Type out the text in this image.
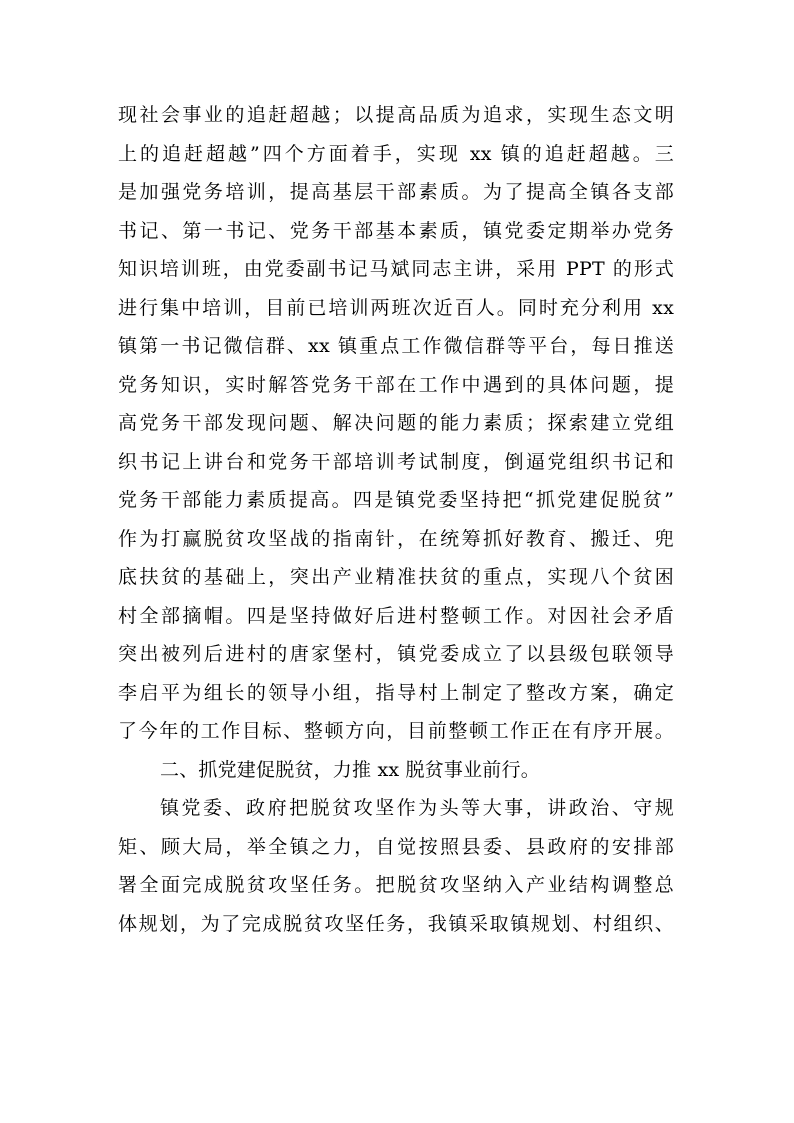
现社会事业的追赶超越；以提高品质为追求，实现生态文明
上的追赶超越”四个方面着手，实现 xx 镇的追赶超越。三
是加强党务培训，提高基层干部素质。为了提高全镇各支部
书记、第一书记、党务干部基本素质，镇党委定期举办党务
知识培训班，由党委副书记马斌同志主讲，采用 PPT 的形式
进行集中培训，目前已培训两班次近百人。同时充分利用 xx
镇第一书记微信群、xx 镇重点工作微信群等平台，每日推送
党务知识，实时解答党务干部在工作中遇到的具体问题，提
高党务干部发现问题、解决问题的能力素质；探索建立党组
织书记上讲台和党务干部培训考试制度，倒逼党组织书记和
党务干部能力素质提高。四是镇党委坚持把“抓党建促脱贫”
作为打赢脱贫攻坚战的指南针，在统筹抓好教育、搬迁、兜
底扶贫的基础上，突出产业精准扶贫的重点，实现八个贫困
村全部摘帽。四是坚持做好后进村整顿工作。对因社会矛盾
突出被列后进村的唐家堡村，镇党委成立了以县级包联领导
李启平为组长的领导小组，指导村上制定了整改方案，确定
了今年的工作目标、整顿方向，目前整顿工作正在有序开展。
二、抓党建促脱贫，力推 xx 脱贫事业前行。
镇党委、政府把脱贫攻坚作为头等大事，讲政治、守规
矩、顾大局，举全镇之力，自觉按照县委、县政府的安排部
署全面完成脱贫攻坚任务。把脱贫攻坚纳入产业结构调整总
体规划，为了完成脱贫攻坚任务，我镇采取镇规划、村组织、
